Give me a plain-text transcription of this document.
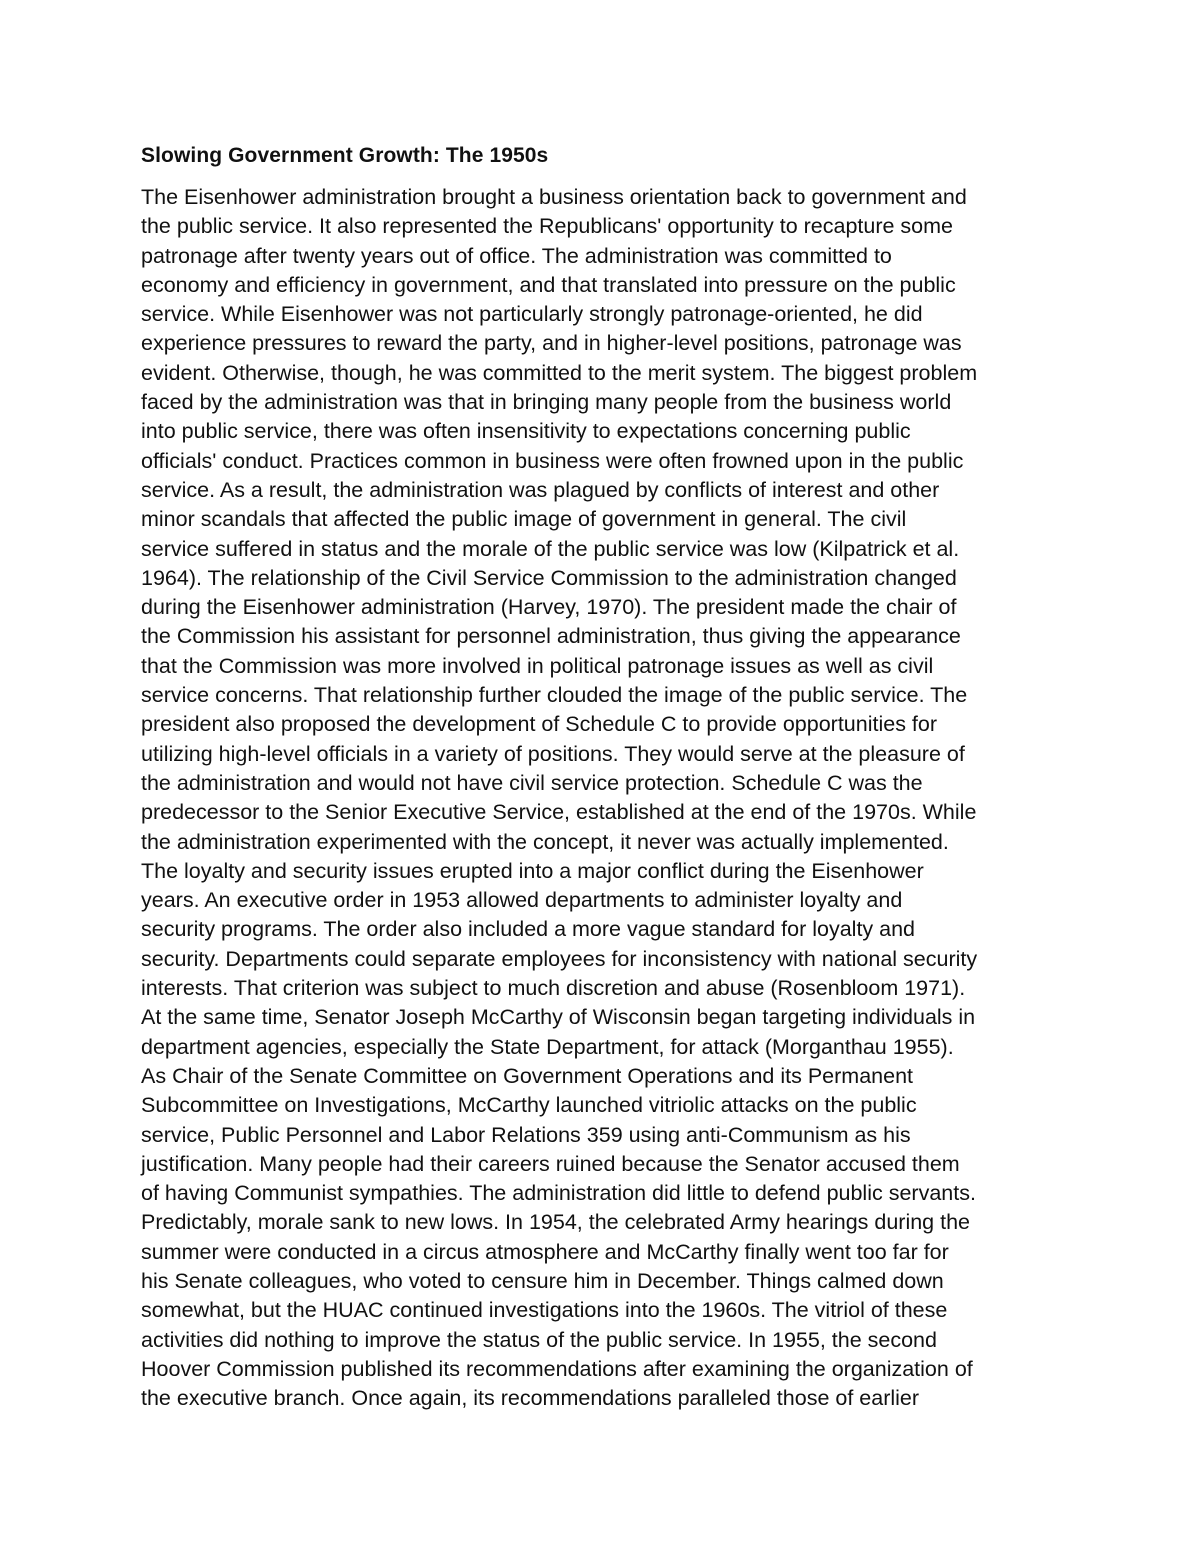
Slowing Government Growth: The 1950s
The Eisenhower administration brought a business orientation back to government and
the public service. It also represented the Republicans' opportunity to recapture some
patronage after twenty years out of office. The administration was committed to
economy and efficiency in government, and that translated into pressure on the public
service. While Eisenhower was not particularly strongly patronage-oriented, he did
experience pressures to reward the party, and in higher-level positions, patronage was
evident. Otherwise, though, he was committed to the merit system. The biggest problem
faced by the administration was that in bringing many people from the business world
into public service, there was often insensitivity to expectations concerning public
officials' conduct. Practices common in business were often frowned upon in the public
service. As a result, the administration was plagued by conflicts of interest and other
minor scandals that affected the public image of government in general. The civil
service suffered in status and the morale of the public service was low (Kilpatrick et al.
1964). The relationship of the Civil Service Commission to the administration changed
during the Eisenhower administration (Harvey, 1970). The president made the chair of
the Commission his assistant for personnel administration, thus giving the appearance
that the Commission was more involved in political patronage issues as well as civil
service concerns. That relationship further clouded the image of the public service. The
president also proposed the development of Schedule C to provide opportunities for
utilizing high-level officials in a variety of positions. They would serve at the pleasure of
the administration and would not have civil service protection. Schedule C was the
predecessor to the Senior Executive Service, established at the end of the 1970s. While
the administration experimented with the concept, it never was actually implemented.
The loyalty and security issues erupted into a major conflict during the Eisenhower
years. An executive order in 1953 allowed departments to administer loyalty and
security programs. The order also included a more vague standard for loyalty and
security. Departments could separate employees for inconsistency with national security
interests. That criterion was subject to much discretion and abuse (Rosenbloom 1971).
At the same time, Senator Joseph McCarthy of Wisconsin began targeting individuals in
department agencies, especially the State Department, for attack (Morganthau 1955).
As Chair of the Senate Committee on Government Operations and its Permanent
Subcommittee on Investigations, McCarthy launched vitriolic attacks on the public
service, Public Personnel and Labor Relations 359 using anti-Communism as his
justification. Many people had their careers ruined because the Senator accused them
of having Communist sympathies. The administration did little to defend public servants.
Predictably, morale sank to new lows. In 1954, the celebrated Army hearings during the
summer were conducted in a circus atmosphere and McCarthy finally went too far for
his Senate colleagues, who voted to censure him in December. Things calmed down
somewhat, but the HUAC continued investigations into the 1960s. The vitriol of these
activities did nothing to improve the status of the public service. In 1955, the second
Hoover Commission published its recommendations after examining the organization of
the executive branch. Once again, its recommendations paralleled those of earlier
